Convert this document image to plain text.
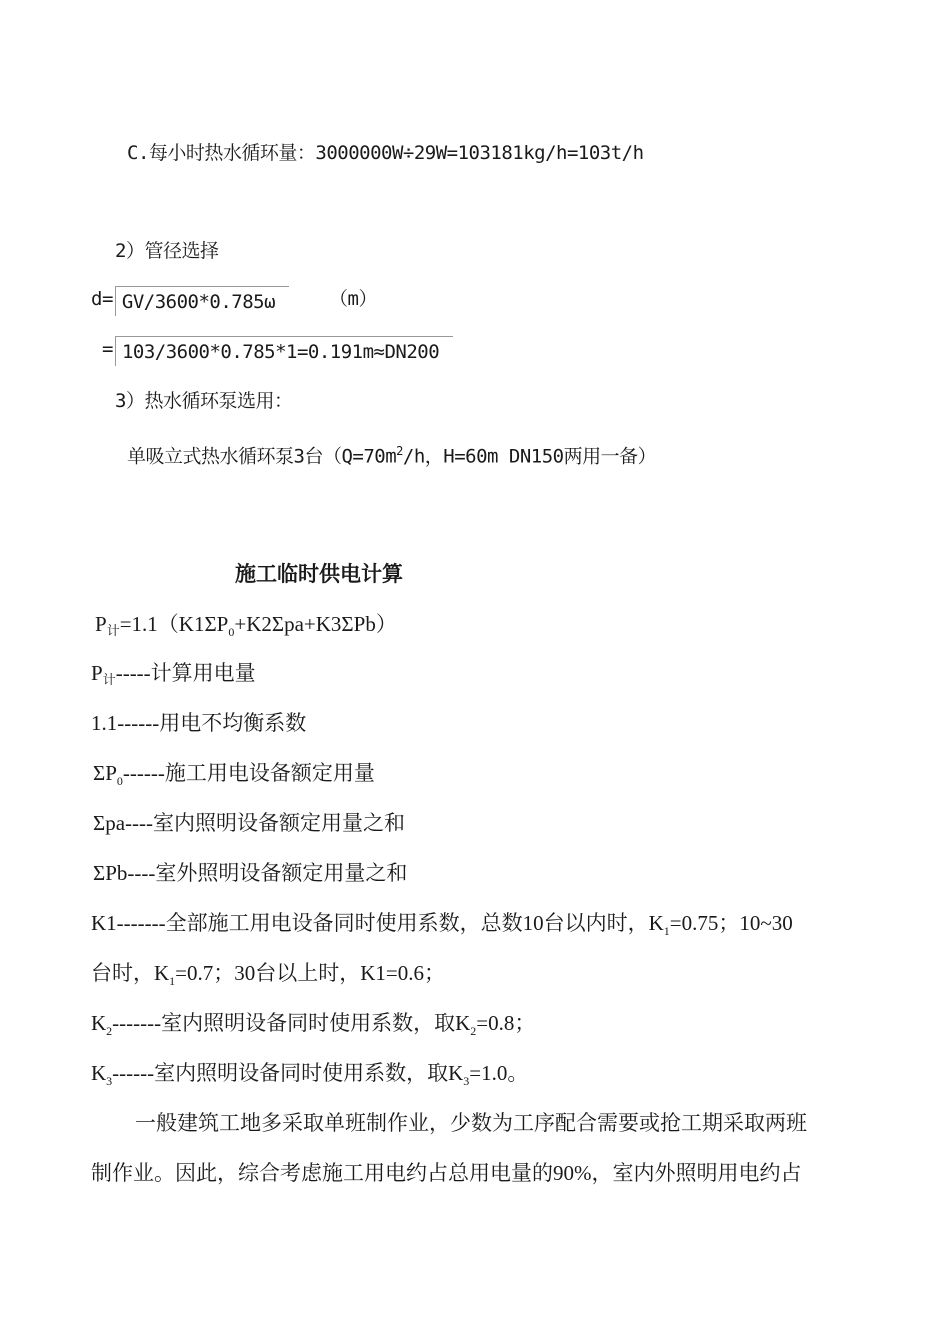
C.每小时热水循环量：3000000W÷29W=103181kg/h=103t/h
2）管径选择
d= GV/3600*0.785ω	（m）
= 103/3600*0.785*1=0.191m≈DN200
3）热水循环泵选用：
单吸立式热水循环泵3台（$Q=70m^2/h$，H=60m DN150两用一备）
施工临时供电计算
P计$=1.1(K1\Sigma P_0+K2\Sigma pa+K3\Sigma Pb)$
P计-----计算用电量
1.1------用电不均衡系数
$\Sigma P_0------$施工用电设备额定用量
Σpa----室内照明设备额定用量之和
ΣPb----室外照明设备额定用量之和
K1-------全部施工用电设备同时使用系数，总数10台以内时，$K_1=0.75$；10~30
台时，$K_1=0.7$；30台以上时，K1=0.6；
$K_2-------$室内照明设备同时使用系数，取$K_2=0.8$；
$K_3------$室内照明设备同时使用系数，取$K_3=1.0$。
一般建筑工地多采取单班制作业，少数为工序配合需要或抢工期采取两班
制作业。因此，综合考虑施工用电约占总用电量的90%，室内外照明用电约占
